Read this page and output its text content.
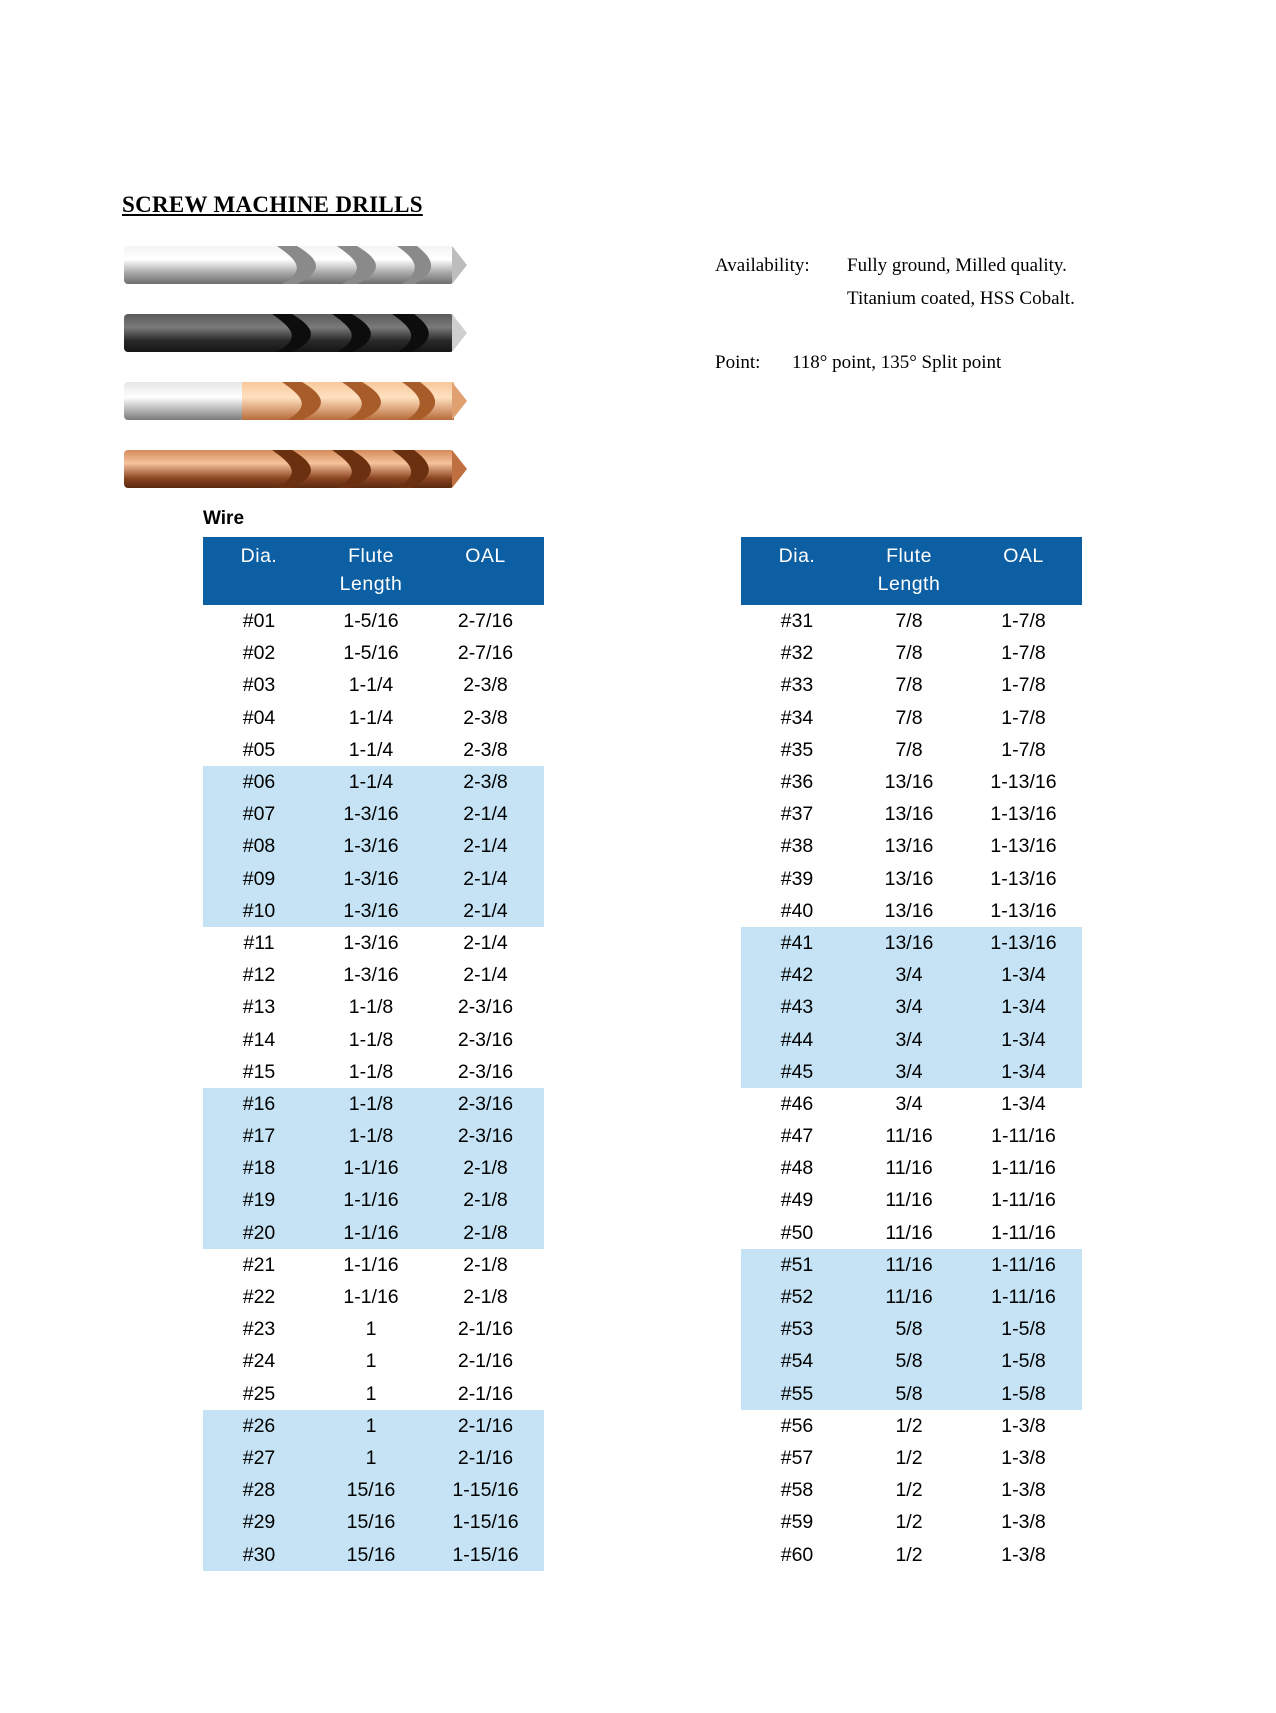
SCREW MACHINE DRILLS
Availability: Fully ground, Milled quality.
Titanium coated, HSS Cobalt.
Point: 118° point, 135° Split point
Wire
Dia.	Flute Length	OAL
#01	1-5/16	2-7/16
#02	1-5/16	2-7/16
#03	1-1/4	2-3/8
#04	1-1/4	2-3/8
#05	1-1/4	2-3/8
#06	1-1/4	2-3/8
#07	1-3/16	2-1/4
#08	1-3/16	2-1/4
#09	1-3/16	2-1/4
#10	1-3/16	2-1/4
#11	1-3/16	2-1/4
#12	1-3/16	2-1/4
#13	1-1/8	2-3/16
#14	1-1/8	2-3/16
#15	1-1/8	2-3/16
#16	1-1/8	2-3/16
#17	1-1/8	2-3/16
#18	1-1/16	2-1/8
#19	1-1/16	2-1/8
#20	1-1/16	2-1/8
#21	1-1/16	2-1/8
#22	1-1/16	2-1/8
#23	1	2-1/16
#24	1	2-1/16
#25	1	2-1/16
#26	1	2-1/16
#27	1	2-1/16
#28	15/16	1-15/16
#29	15/16	1-15/16
#30	15/16	1-15/16
Dia.	Flute Length	OAL
#31	7/8	1-7/8
#32	7/8	1-7/8
#33	7/8	1-7/8
#34	7/8	1-7/8
#35	7/8	1-7/8
#36	13/16	1-13/16
#37	13/16	1-13/16
#38	13/16	1-13/16
#39	13/16	1-13/16
#40	13/16	1-13/16
#41	13/16	1-13/16
#42	3/4	1-3/4
#43	3/4	1-3/4
#44	3/4	1-3/4
#45	3/4	1-3/4
#46	3/4	1-3/4
#47	11/16	1-11/16
#48	11/16	1-11/16
#49	11/16	1-11/16
#50	11/16	1-11/16
#51	11/16	1-11/16
#52	11/16	1-11/16
#53	5/8	1-5/8
#54	5/8	1-5/8
#55	5/8	1-5/8
#56	1/2	1-3/8
#57	1/2	1-3/8
#58	1/2	1-3/8
#59	1/2	1-3/8
#60	1/2	1-3/8
